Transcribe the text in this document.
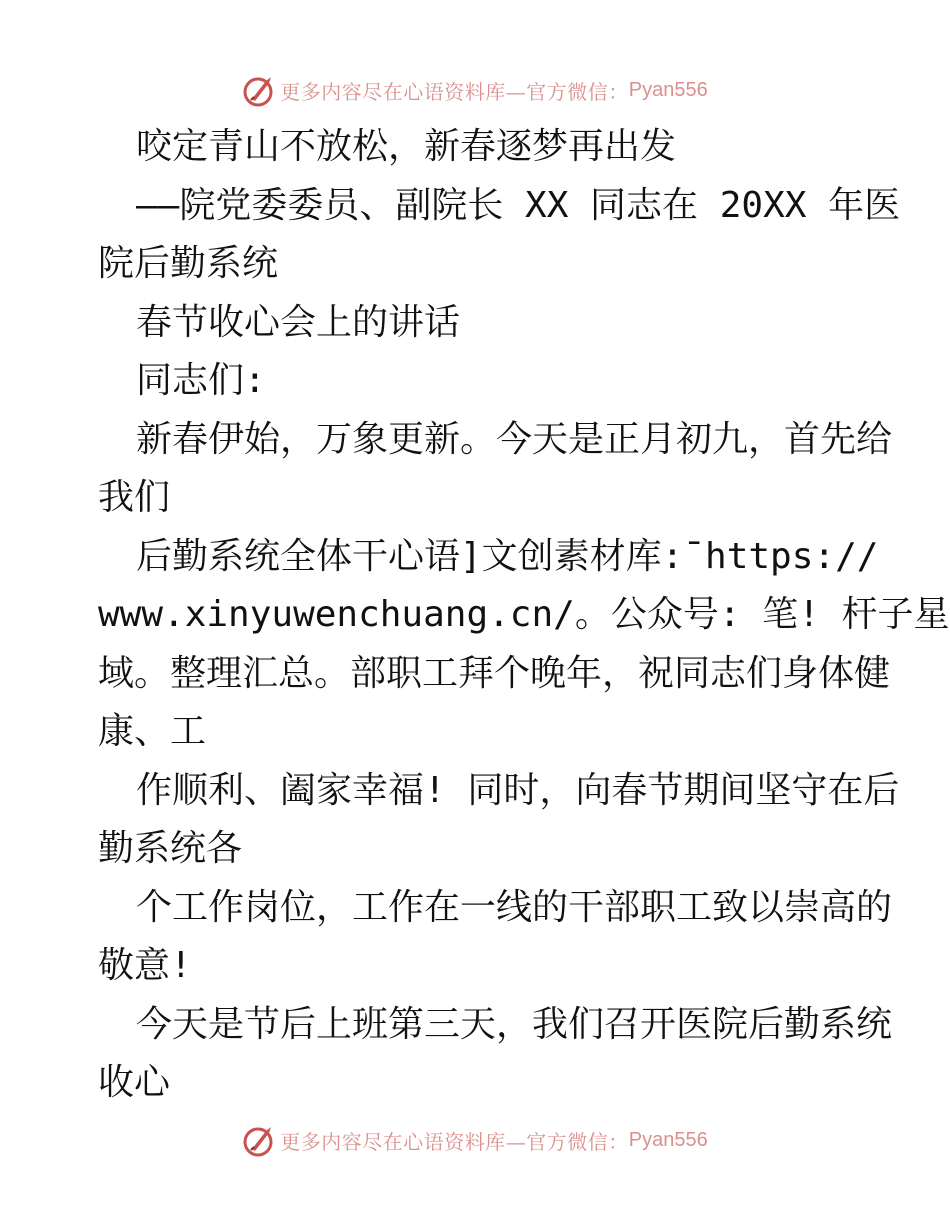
更多内容尽在心语资料库—官方微信： Pyan556
咬定青山不放松，新春逐梦再出发
——院党委委员、副院长 XX 同志在 20XX 年医
院后勤系统
春节收心会上的讲话
同志们:
新春伊始，万象更新。今天是正月初九，首先给
我们
后勤系统全体干心语]文创素材库:¯https://
www.xinyuwenchuang.cn/。公众号: 笔! 杆子星
域。整理汇总。部职工拜个晚年，祝同志们身体健
康、工
作顺利、阖家幸福! 同时，向春节期间坚守在后
勤系统各
个工作岗位，工作在一线的干部职工致以崇高的
敬意!
今天是节后上班第三天，我们召开医院后勤系统
收心
更多内容尽在心语资料库—官方微信： Pyan556
